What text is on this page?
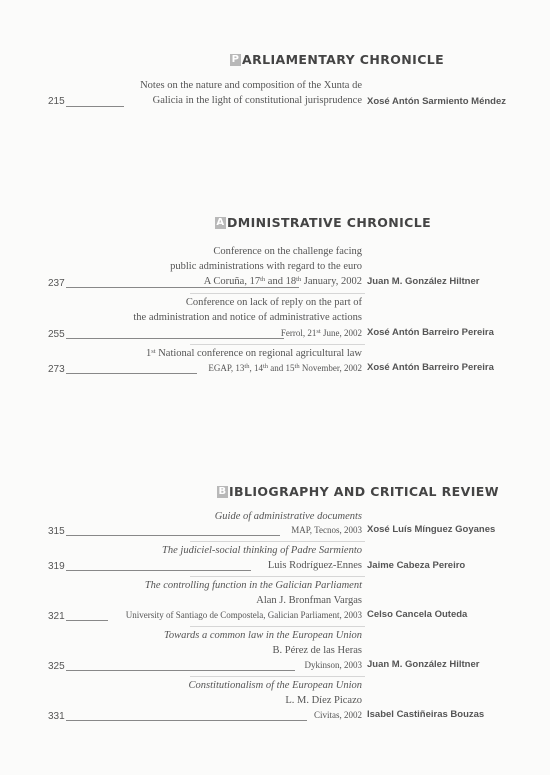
P ARLIAMENTARY CHRONICLE
Notes on the nature and composition of the Xunta de
Galicia in the light of constitutional jurisprudence
215	Xosé Antón Sarmiento Méndez
A DMINISTRATIVE CHRONICLE
Conference on the challenge facing
public administrations with regard to the euro
A Coruña, 17th and 18th January, 2002
237	Juan M. González Hiltner
Conference on lack of reply on the part of
the administration and notice of administrative actions
Ferrol, 21st June, 2002
255	Xosé Antón Barreiro Pereira
1st National conference on regional agricultural law
EGAP, 13th, 14th and 15th November, 2002
273	Xosé Antón Barreiro Pereira
B IBLIOGRAPHY AND CRITICAL REVIEW
Guide of administrative documents
MAP, Tecnos, 2003
315	Xosé Luís Mínguez Goyanes
The judiciel-social thinking of Padre Sarmiento
Luis Rodríguez-Ennes
319	Jaime Cabeza Pereiro
The controlling function in the Galician Parliament
Alan J. Bronfman Vargas
University of Santiago de Compostela, Galician Parliament, 2003
321	Celso Cancela Outeda
Towards a common law in the European Union
B. Pérez de las Heras
Dykinson, 2003
325	Juan M. González Hiltner
Constitutionalism of the European Union
L. M. Díez Picazo
Civitas, 2002
331	Isabel Castiñeiras Bouzas
